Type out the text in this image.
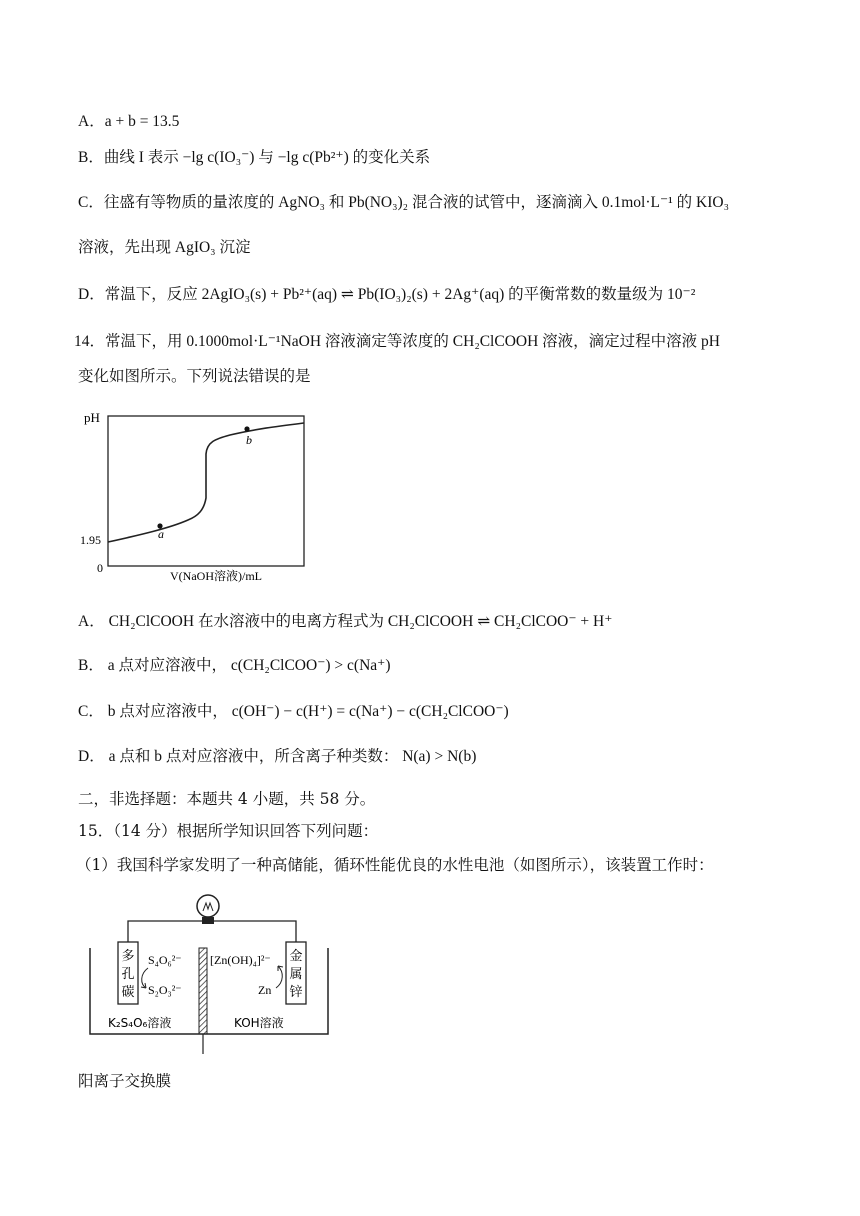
A．a + b = 13.5
B．曲线 I 表示 −lg c(IO₃⁻) 与 −lg c(Pb²⁺) 的变化关系
C．往盛有等物质的量浓度的 AgNO₃ 和 Pb(NO₃)₂ 混合液的试管中，逐滴滴入 0.1mol·L⁻¹ 的 KIO₃
溶液，先出现 AgIO₃ 沉淀
D．常温下，反应 2AgIO₃(s) + Pb²⁺(aq) ⇌ Pb(IO₃)₂(s) + 2Ag⁺(aq) 的平衡常数的数量级为 10⁻²
14．常温下，用 0.1000mol·L⁻¹NaOH 溶液滴定等浓度的 CH₂ClCOOH 溶液，滴定过程中溶液 pH
变化如图所示。下列说法错误的是
pH
1.95
0
a
b
V(NaOH溶液)/mL
A． CH₂ClCOOH 在水溶液中的电离方程式为 CH₂ClCOOH ⇌ CH₂ClCOO⁻ + H⁺
B． a 点对应溶液中， c(CH₂ClCOO⁻) > c(Na⁺)
C． b 点对应溶液中， c(OH⁻) − c(H⁺) = c(Na⁺) − c(CH₂ClCOO⁻)
D． a 点和 b 点对应溶液中，所含离子种类数： N(a) > N(b)
二，非选择题：本题共 4 小题，共 58 分。
15．（14 分）根据所学知识回答下列问题：
（1）我国科学家发明了一种高储能，循环性能优良的水性电池（如图所示），该装置工作时：
多
孔
碳
金
属
锌
S₄O₆²⁻
S₂O₃²⁻
[Zn(OH)₄]²⁻
Zn
K₂S₄O₆溶液	KOH溶液
阳离子交换膜
